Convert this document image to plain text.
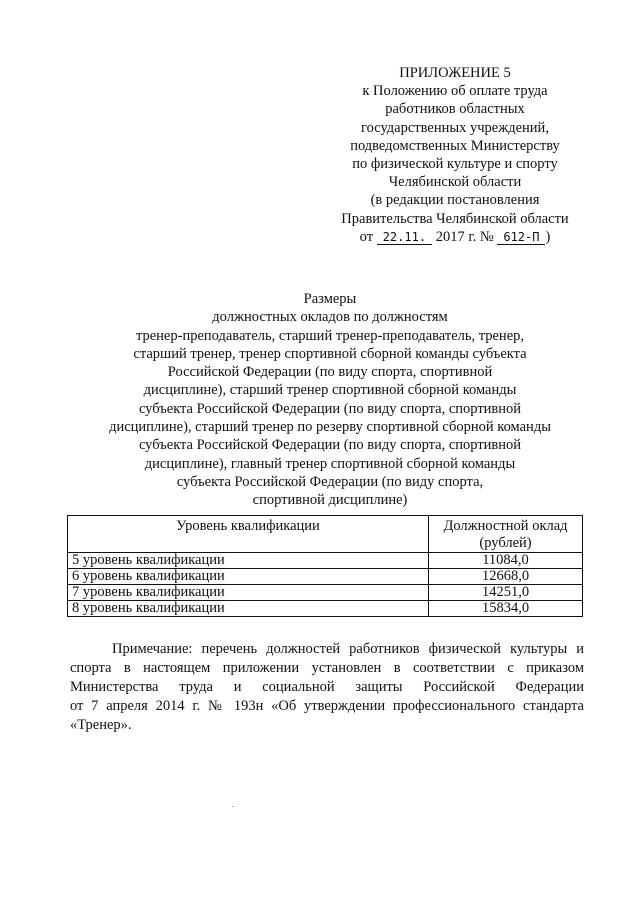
ПРИЛОЖЕНИЕ 5
к Положению об оплате труда
работников областных
государственных учреждений,
подведомственных Министерству
по физической культуре и спорту
Челябинской области
(в редакции постановления
Правительства Челябинской области
от 22.11. 2017 г. № 612-П )
Размеры
должностных окладов по должностям
тренер-преподаватель, старший тренер-преподаватель, тренер,
старший тренер, тренер спортивной сборной команды субъекта
Российской Федерации (по виду спорта, спортивной
дисциплине), старший тренер спортивной сборной команды
субъекта Российской Федерации (по виду спорта, спортивной
дисциплине), старший тренер по резерву спортивной сборной команды
субъекта Российской Федерации (по виду спорта, спортивной
дисциплине), главный тренер спортивной сборной команды
субъекта Российской Федерации (по виду спорта,
спортивной дисциплине)
Уровень квалификации	Должностной оклад
(рублей)
5 уровень квалификации	11084,0
6 уровень квалификации	12668,0
7 уровень квалификации	14251,0
8 уровень квалификации	15834,0
Примечание: перечень должностей работников физической культуры и
спорта в настоящем приложении установлен в соответствии с приказом
Министерства труда и социальной защиты Российской Федерации
от 7 апреля 2014 г. № 193н «Об утверждении профессионального стандарта
«Тренер».
